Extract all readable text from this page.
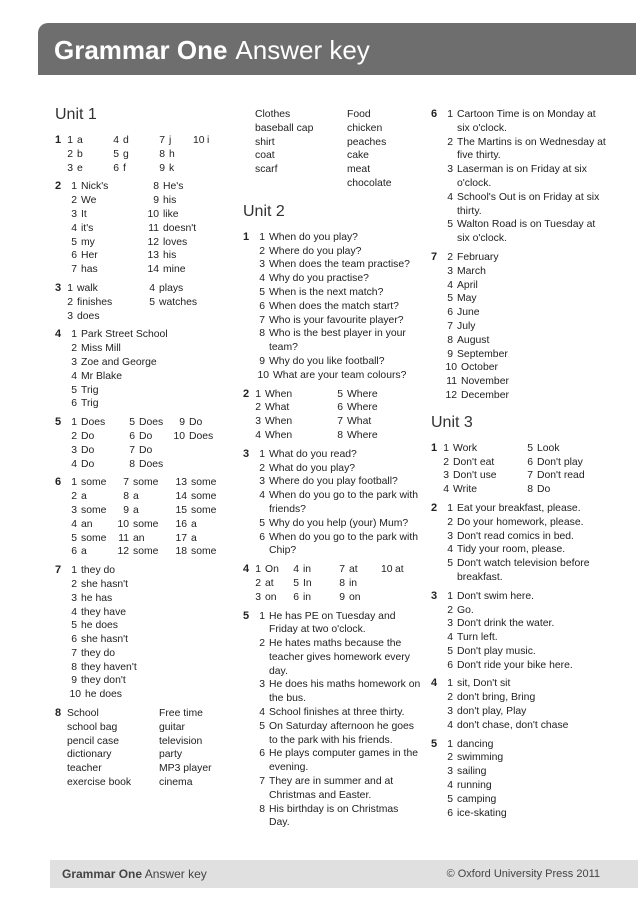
Grammar One Answer key
Unit 1
1 1 a	4 d	7 j 10 i
2 b	5 g	8 h
3 e	6 f	9 k
2 1 Nick's	8 He's
2 We	9 his
3 It	10 like
4 it's	11 doesn't
5 my	12 loves
6 Her	13 his
7 has	14 mine
3 1 walk	4 plays
2 finishes	5 watches
3 does
4 1 Park Street School
2 Miss Mill
3 Zoe and George
4 Mr Blake
5 Trig
6 Trig
5 1 Does	5 Does	9 Do
2 Do	6 Do 10 Does
3 Do	7 Do
4 Do	8 Does
6 1 some	7 some 13 some
2 a	8 a	14 some
3 some	9 a	15 some
4 an 10 some 16 a
5 some	11 an	17 a
6 a	12 some 18 some
7 1 they do
2 she hasn't
3 he has
4 they have
5 he does
6 she hasn't
7 they do
8 they haven't
9 they don't
10 he does
8 School	Free time
school bag	guitar
pencil case	television
dictionary	party
teacher	MP3 player
exercise book	cinema
Clothes	Food
baseball cap	chicken
shirt	peaches
coat	cake
scarf	meat
chocolate
Unit 2
1 1 When do you play?
2 Where do you play?
3 When does the team practise?
4 Why do you practise?
5 When is the next match?
6 When does the match start?
7 Who is your favourite player?
8 Who is the best player in your team?
9 Why do you like football?
10 What are your team colours?
2 1 When	5 Where
2 What	6 Where
3 When	7 What
4 When	8 Where
3 1 What do you read?
2 What do you play?
3 Where do you play football?
4 When do you go to the park with friends?
5 Why do you help (your) Mum?
6 When do you go to the park with Chip?
4 1 On	4 in	7 at 10 at
2 at	5 In	8 in
3 on	6 in	9 on
5 1 He has PE on Tuesday and Friday at two o'clock.
2 He hates maths because the teacher gives homework every day.
3 He does his maths homework on the bus.
4 School finishes at three thirty.
5 On Saturday afternoon he goes to the park with his friends.
6 He plays computer games in the evening.
7 They are in summer and at Christmas and Easter.
8 His birthday is on Christmas Day.
6 1 Cartoon Time is on Monday at six o'clock.
2 The Martins is on Wednesday at five thirty.
3 Laserman is on Friday at six o'clock.
4 School's Out is on Friday at six thirty.
5 Walton Road is on Tuesday at six o'clock.
7 2 February
3 March
4 April
5 May
6 June
7 July
8 August
9 September
10 October
11 November
12 December
Unit 3
1 1 Work	5 Look
2 Don't eat	6 Don't play
3 Don't use	7 Don't read
4 Write	8 Do
2 1 Eat your breakfast, please.
2 Do your homework, please.
3 Don't read comics in bed.
4 Tidy your room, please.
5 Don't watch television before breakfast.
3 1 Don't swim here.
2 Go.
3 Don't drink the water.
4 Turn left.
5 Don't play music.
6 Don't ride your bike here.
4 1 sit, Don't sit
2 don't bring, Bring
3 don't play, Play
4 don't chase, don't chase
5 1 dancing
2 swimming
3 sailing
4 running
5 camping
6 ice-skating
Grammar One Answer key	© Oxford University Press 2011
